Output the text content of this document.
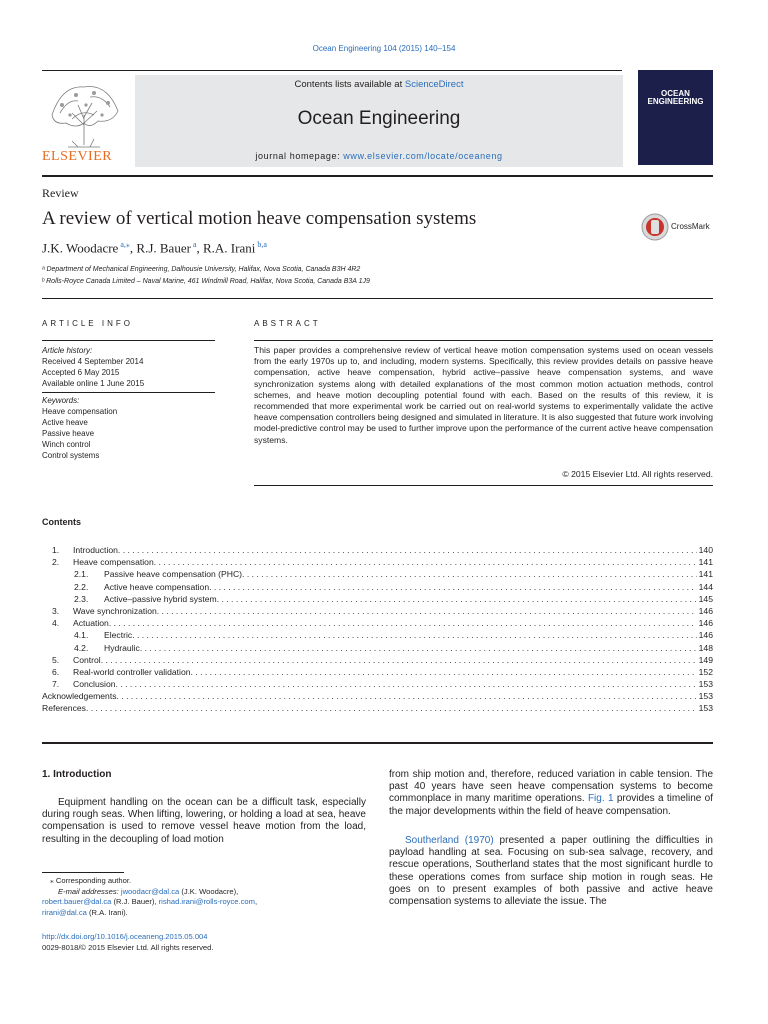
Ocean Engineering 104 (2015) 140–154
ELSEVIER
Contents lists available at ScienceDirect
Ocean Engineering
journal homepage: www.elsevier.com/locate/oceaneng
OCEAN ENGINEERING
Review
A review of vertical motion heave compensation systems	CrossMark
J.K. Woodacre $^{a,⁎}$, R.J. Bauer $^a$, R.A. Irani $^{b,a}$
ᵃ Department of Mechanical Engineering, Dalhousie University, Halifax, Nova Scotia, Canada B3H 4R2
ᵇ Rolls-Royce Canada Limited – Naval Marine, 461 Windmill Road, Halifax, Nova Scotia, Canada B3A 1J9
ARTICLE INFO	ABSTRACT
Article history:
Received 4 September 2014
Accepted 6 May 2015
Available online 1 June 2015
Keywords:
Heave compensation
Active heave
Passive heave
Winch control
Control systems
This paper provides a comprehensive review of vertical heave motion compensation systems used on ocean vessels from the early 1970s up to, and including, modern systems. Specifically, this review provides details on passive heave compensation, active heave compensation, hybrid active–passive heave compensation systems, and wave synchronization systems along with detailed explanations of the most common motion actuation methods, control schemes, and heave motion decoupling potential found with each. Based on the results of this review, it is recommended that more experimental work be carried out on real-world systems to experimentally validate the active heave compensation controllers being designed and simulated in literature. It is also suggested that future work involving model-predictive control may be used to further improve upon the performance of the current active heave compensation systems.
© 2015 Elsevier Ltd. All rights reserved.
Contents
1.	Introduction . . .	140
2.	Heave compensation . . .	141
2.1.	Passive heave compensation (PHC) . . .	141
2.2.	Active heave compensation . . .	144
2.3.	Active–passive hybrid system . . .	145
3.	Wave synchronization . . .	146
4.	Actuation . . .	146
4.1.	Electric . . .	146
4.2.	Hydraulic . . .	148
5.	Control . . .	149
6.	Real-world controller validation . . .	152
7.	Conclusion . . .	153
Acknowledgements . . .	153
References . . .	153
1. Introduction
Equipment handling on the ocean can be a difficult task, especially during rough seas. When lifting, lowering, or holding a load at sea, heave compensation is used to remove vessel heave motion from the load, resulting in the decoupling of load motion
from ship motion and, therefore, reduced variation in cable tension. The past 40 years have seen heave compensation systems to become commonplace in many maritime operations. Fig. 1 provides a timeline of the major developments within the field of heave compensation.
Southerland (1970) presented a paper outlining the difficulties in payload handling at sea. Focusing on sub-sea salvage, recovery, and rescue operations, Southerland states that the most significant hurdle to these operations comes from surface ship motion in rough seas. He goes on to present examples of both passive and active heave compensation systems to alleviate the issue. The
⁎ Corresponding author.
E-mail addresses: jwoodacr@dal.ca (J.K. Woodacre),
robert.bauer@dal.ca (R.J. Bauer), rishad.irani@rolls-royce.com,
rirani@dal.ca (R.A. Irani).
http://dx.doi.org/10.1016/j.oceaneng.2015.05.004
0029-8018/© 2015 Elsevier Ltd. All rights reserved.
